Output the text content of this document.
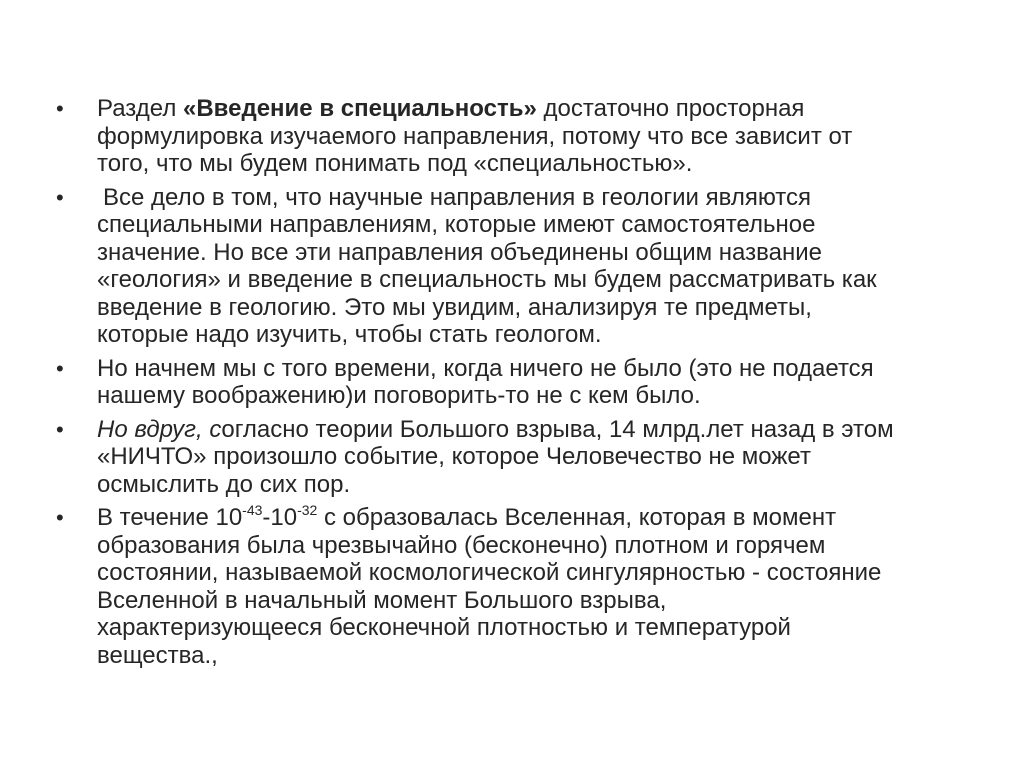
• Раздел «Введение в специальность» достаточно просторная
формулировка изучаемого направления, потому что все зависит от
того, что мы будем понимать под «специальностью».
• Все дело в том, что научные направления в геологии являются
специальными направлениям, которые имеют самостоятельное
значение. Но все эти направления объединены общим название
«геология» и введение в специальность мы будем рассматривать как
введение в геологию. Это мы увидим, анализируя те предметы,
которые надо изучить, чтобы стать геологом.
• Но начнем мы с того времени, когда ничего не было (это не подается
нашему воображению)и поговорить-то не с кем было.
• Но вдруг, согласно теории Большого взрыва, 14 млрд.лет назад в этом
«НИЧТО» произошло событие, которое Человечество не может
осмыслить до сих пор.
• В течение $10^{-43}-10^{-32}$ с образовалась Вселенная, которая в момент
образования была чрезвычайно (бесконечно) плотном и горячем
состоянии, называемой космологической сингулярностью - состояние
Вселенной в начальный момент Большого взрыва,
характеризующееся бесконечной плотностью и температурой
вещества.,
